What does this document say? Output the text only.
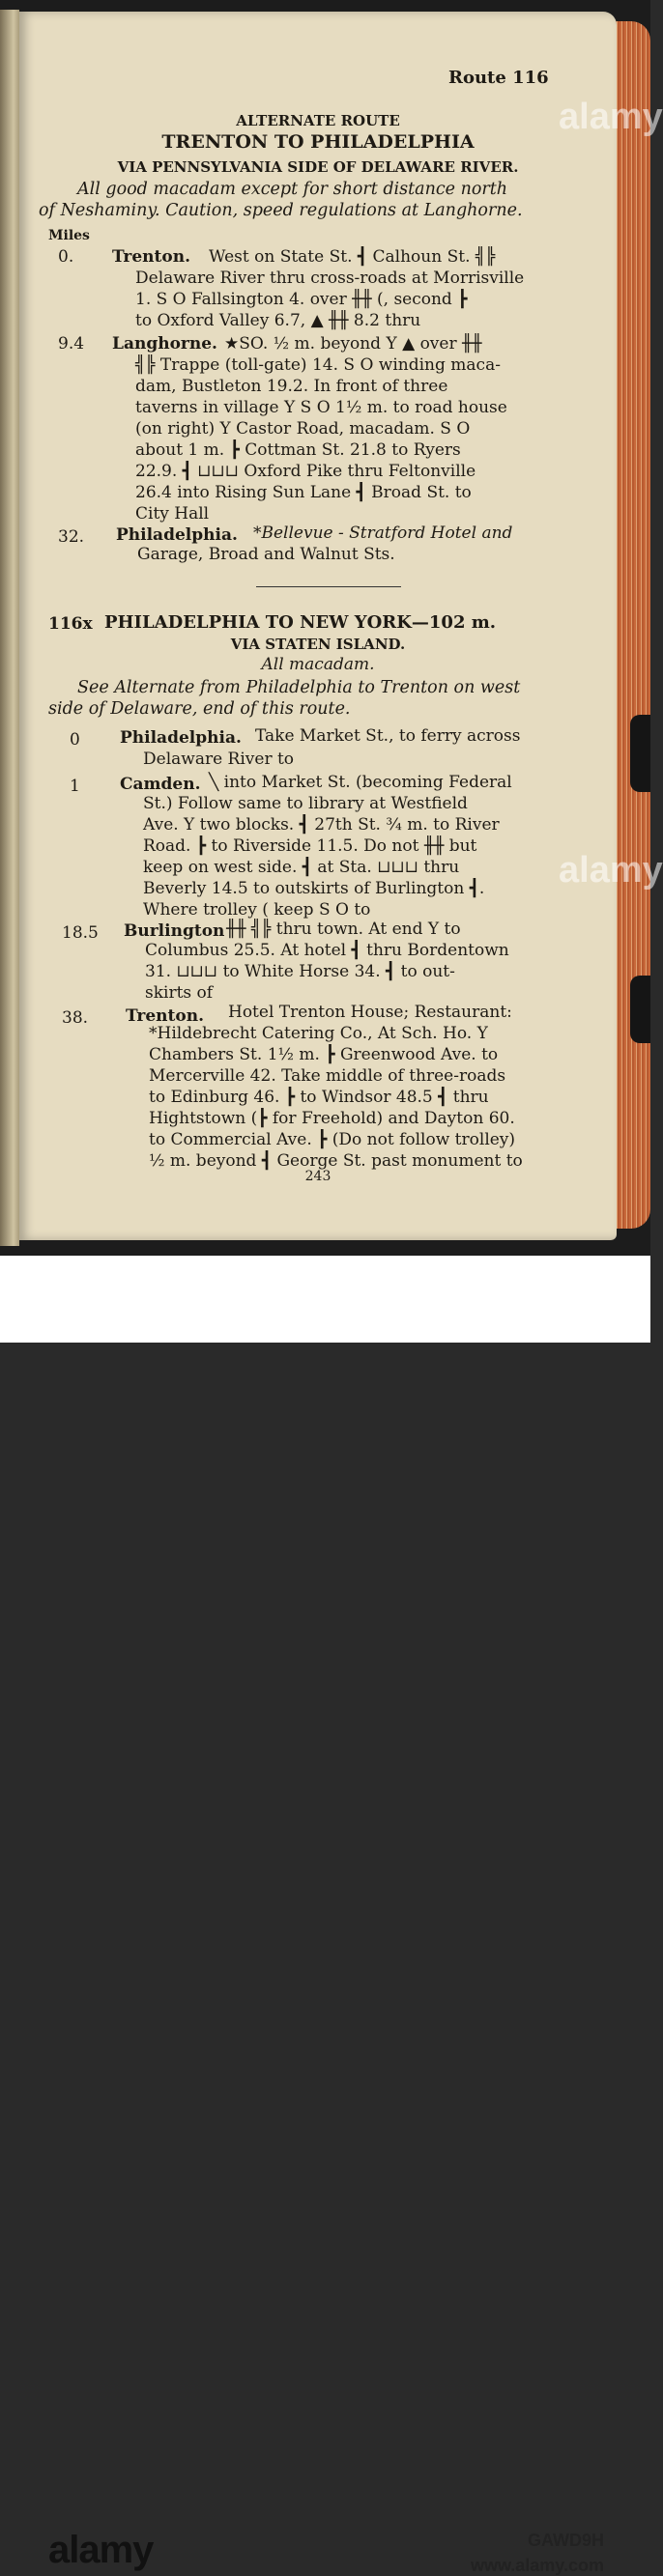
Route 116
ALTERNATE ROUTE
TRENTON TO PHILADELPHIA
VIA PENNSYLVANIA SIDE OF DELAWARE RIVER.
All good macadam except for short distance north
of Neshaminy. Caution, speed regulations at Langhorne.
Miles
0. Trenton. West on State St. ┫ Calhoun St. ╣╠
Delaware River thru cross-roads at Morrisville
1. S O Fallsington 4. over ╫╫ (, second ┣
to Oxford Valley 6.7, ▲ ╫╫ 8.2 thru
9.4 Langhorne. ★SO. ½ m. beyond Y ▲ over ╫╫
╣╠ Trappe (toll-gate) 14. S O winding maca-
dam, Bustleton 19.2. In front of three
taverns in village Y S O 1½ m. to road house
(on right) Y Castor Road, macadam. S O
about 1 m. ┣ Cottman St. 21.8 to Ryers
22.9. ┫ ⊔⊔⊔ Oxford Pike thru Feltonville
26.4 into Rising Sun Lane ┫ Broad St. to
City Hall
32. Philadelphia. *Bellevue - Stratford Hotel and
Garage, Broad and Walnut Sts.
116x PHILADELPHIA TO NEW YORK—102 m.
VIA STATEN ISLAND.
All macadam.
See Alternate from Philadelphia to Trenton on west
side of Delaware, end of this route.
0 Philadelphia. Take Market St., to ferry across
Delaware River to
1 Camden. ╲ into Market St. (becoming Federal
St.) Follow same to library at Westfield
Ave. Y two blocks. ┫ 27th St. ¾ m. to River
Road. ┣ to Riverside 11.5. Do not ╫╫ but
keep on west side. ┫ at Sta. ⊔⊔⊔ thru
Beverly 14.5 to outskirts of Burlington ┫.
Where trolley ( keep S O to
18.5 Burlington ╫╫ ╣╠ thru town. At end Y to
Columbus 25.5. At hotel ┫ thru Bordentown
31. ⊔⊔⊔ to White Horse 34. ┫ to out-
skirts of
38. Trenton. Hotel Trenton House; Restaurant:
*Hildebrecht Catering Co., At Sch. Ho. Y
Chambers St. 1½ m. ┣ Greenwood Ave. to
Mercerville 42. Take middle of three-roads
to Edinburg 46. ┣ to Windsor 48.5 ┫ thru
Hightstown (┣ for Freehold) and Dayton 60.
to Commercial Ave. ┣ (Do not follow trolley)
½ m. beyond ┫ George St. past monument to
243
alamy
alamy
alamy	GAWD9H
www.alamy.com
